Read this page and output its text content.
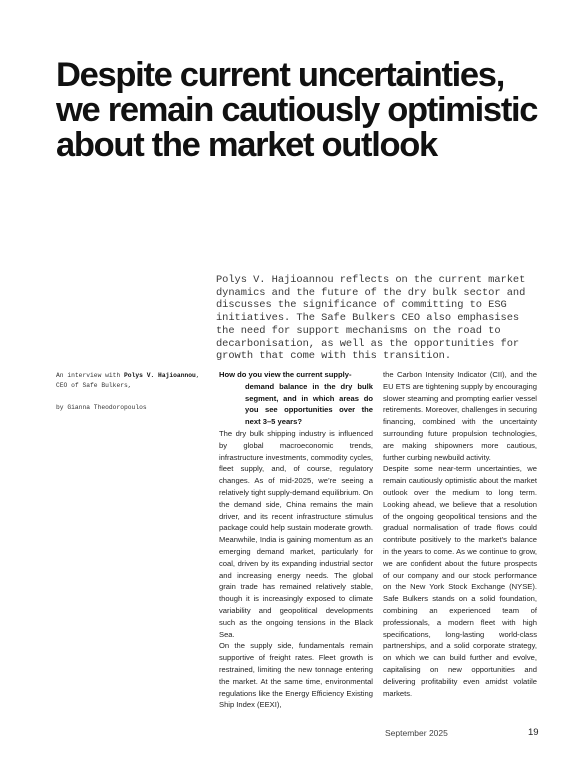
Despite current uncertainties, we remain cautiously optimistic about the market outlook

Polys V. Hajioannou reflects on the current market dynamics and the future of the dry bulk sector and discusses the significance of committing to ESG initiatives. The Safe Bulkers CEO also emphasises the need for support mechanisms on the road to decarbonisation, as well as the opportunities for growth that come with this transition.

An interview with Polys V. Hajioannou, CEO of Safe Bulkers,

by Gianna Theodoropoulos

How do you view the current supply-
demand balance in the dry bulk segment, and in which areas do you see opportunities over the next 3–5 years?

The dry bulk shipping industry is influenced by global macroeconomic trends, infrastructure investments, commodity cycles, fleet supply, and, of course, regulatory changes. As of mid-2025, we’re seeing a relatively tight supply-demand equilibrium. On the demand side, China remains the main driver, and its recent infrastructure stimulus package could help sustain moderate growth. Meanwhile, India is gaining momentum as an emerging demand market, particularly for coal, driven by its expanding industrial sector and increasing energy needs. The global grain trade has remained relatively stable, though it is increasingly exposed to climate variability and geopolitical developments such as the ongoing tensions in the Black Sea.

On the supply side, fundamentals remain supportive of freight rates. Fleet growth is restrained, limiting the new tonnage entering the market. At the same time, environmental regulations like the Energy Efficiency Existing Ship Index (EEXI),

the Carbon Intensity Indicator (CII), and the EU ETS are tightening supply by encouraging slower steaming and prompting earlier vessel retirements. Moreover, challenges in securing financing, combined with the uncertainty surrounding future propulsion technologies, are making shipowners more cautious, further curbing newbuild activity.

Despite some near-term uncertainties, we remain cautiously optimistic about the market outlook over the medium to long term. Looking ahead, we believe that a resolution of the ongoing geopolitical tensions and the gradual normalisation of trade flows could contribute positively to the market’s balance in the years to come. As we continue to grow, we are confident about the future prospects of our company and our stock performance on the New York Stock Exchange (NYSE). Safe Bulkers stands on a solid foundation, combining an experienced team of professionals, a modern fleet with high specifications, long-lasting world-class partnerships, and a solid corporate strategy, on which we can build further and evolve, capitalising on new opportunities and delivering profitability even amidst volatile markets.

September 2025	19
